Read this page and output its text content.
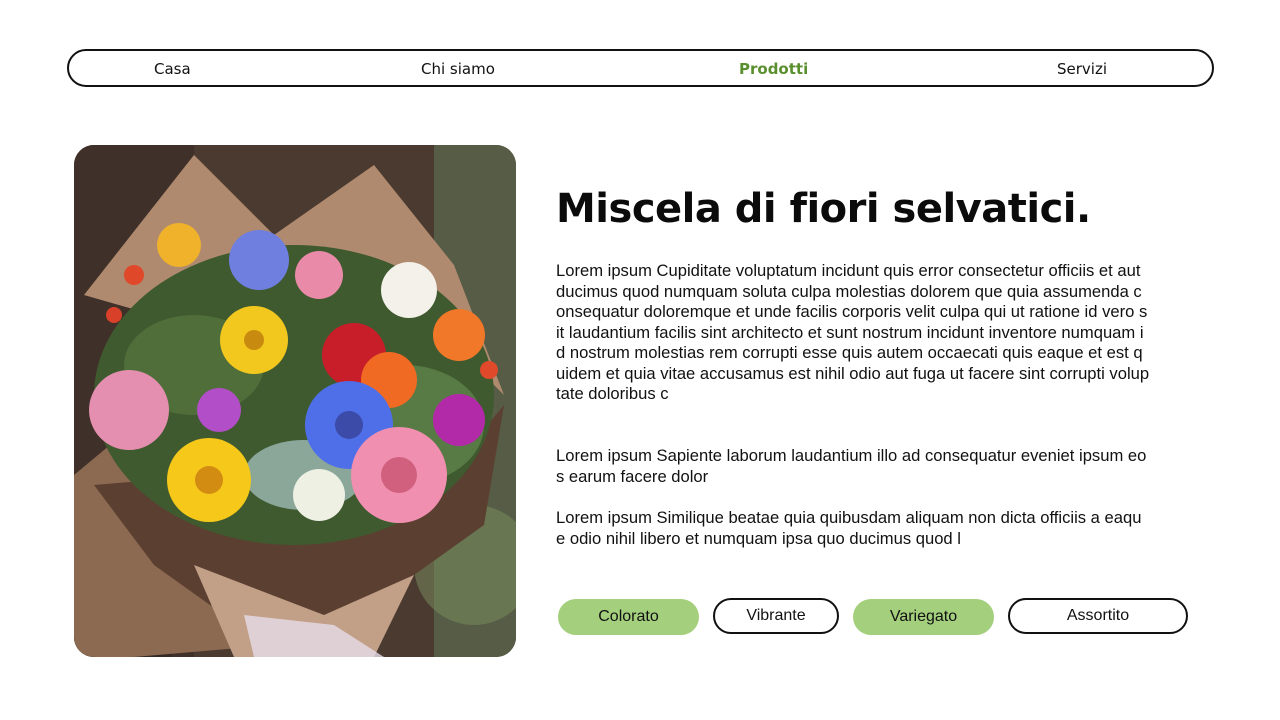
Casa	Chi siamo	Prodotti	Servizi
Miscela di fiori selvatici.

Lorem ipsum Cupiditate voluptatum incidunt quis error consectetur officiis et aut ducimus quod numquam soluta culpa molestias dolorem que quia assumenda consequatur doloremque et unde facilis corporis velit culpa qui ut ratione id vero sit laudantium facilis sint architecto et sunt nostrum incidunt inventore numquam id nostrum molestias rem corrupti esse quis autem occaecati quis eaque et est quidem et quia vitae accusamus est nihil odio aut fuga ut facere sint corrupti voluptate doloribus c

Lorem ipsum Sapiente laborum laudantium illo ad consequatur eveniet ipsum eos earum facere dolor

Lorem ipsum Similique beatae quia quibusdam aliquam non dicta officiis a eaque odio nihil libero et numquam ipsa quo ducimus quod l

Colorato	Vibrante	Variegato	Assortito
